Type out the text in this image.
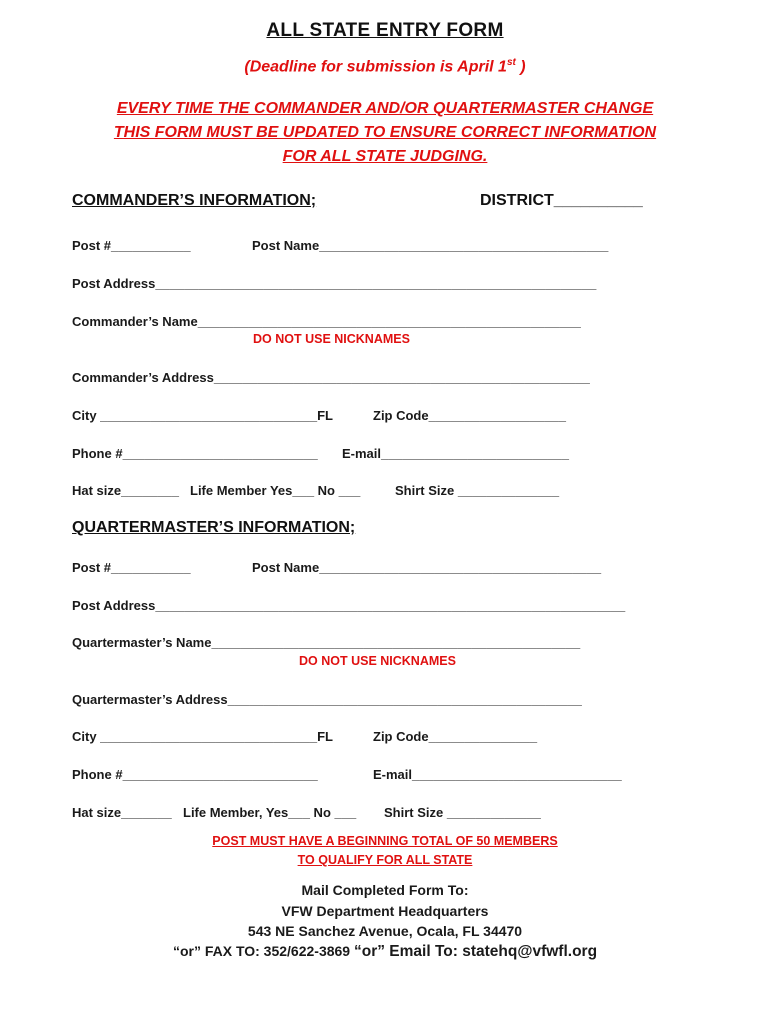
ALL STATE ENTRY FORM
(Deadline for submission is April 1st )
EVERY TIME THE COMMANDER AND/OR QUARTERMASTER CHANGE
THIS FORM MUST BE UPDATED TO ENSURE CORRECT INFORMATION
FOR ALL STATE JUDGING.
COMMANDER’S INFORMATION;	DISTRICT__________
Post #___________	Post Name________________________________________
Post Address_____________________________________________________________
Commander’s Name_____________________________________________________
DO NOT USE NICKNAMES
Commander’s Address____________________________________________________
City ______________________________FL	Zip Code___________________
Phone #___________________________ E-mail__________________________
Hat size________ Life Member Yes___ No ___	Shirt Size ______________
QUARTERMASTER’S INFORMATION;
Post #___________	Post Name_______________________________________
Post Address_________________________________________________________________
Quartermaster’s Name___________________________________________________
DO NOT USE NICKNAMES
Quartermaster’s Address_________________________________________________
City ______________________________FL	Zip Code_______________
Phone #___________________________	E-mail_____________________________
Hat size_______ Life Member, Yes___ No ___ Shirt Size _____________
POST MUST HAVE A BEGINNING TOTAL OF 50 MEMBERS
TO QUALIFY FOR ALL STATE
Mail Completed Form To:
VFW Department Headquarters
543 NE Sanchez Avenue, Ocala, FL 34470
“or” FAX TO: 352/622-3869 “or” Email To: statehq@vfwfl.org
